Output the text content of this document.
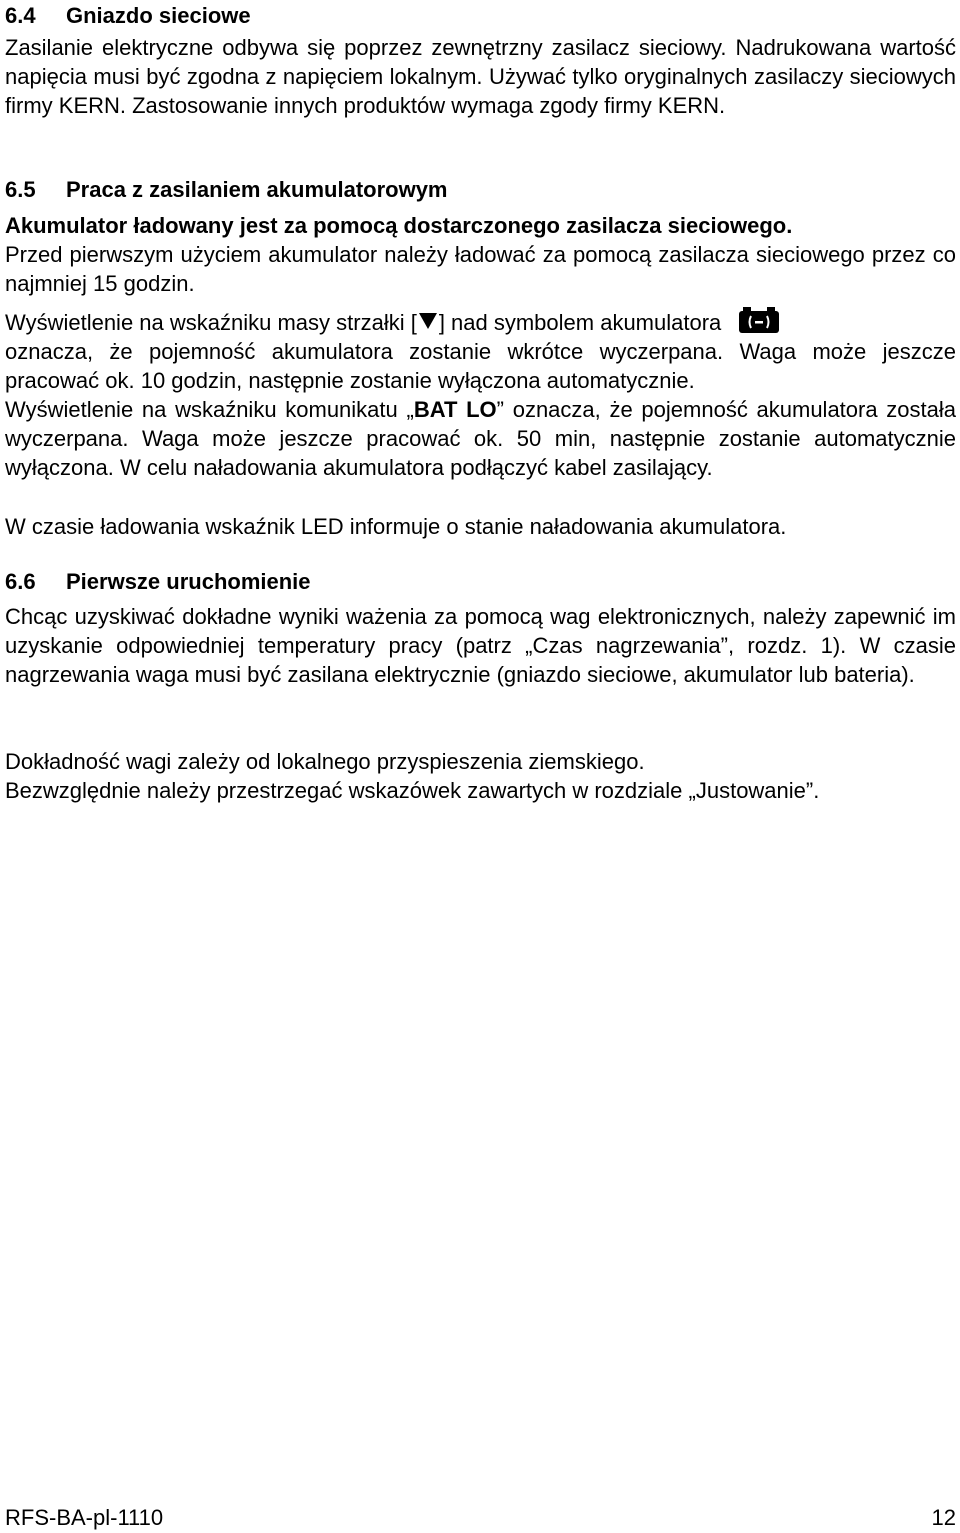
6.4 Gniazdo sieciowe

Zasilanie elektryczne odbywa się poprzez zewnętrzny zasilacz sieciowy. Nadrukowana wartość napięcia musi być zgodna z napięciem lokalnym. Używać tylko oryginalnych zasilaczy sieciowych firmy KERN. Zastosowanie innych produktów wymaga zgody firmy KERN.

6.5 Praca z zasilaniem akumulatorowym

Akumulator ładowany jest za pomocą dostarczonego zasilacza sieciowego.

Przed pierwszym użyciem akumulator należy ładować za pomocą zasilacza sieciowego przez co najmniej 15 godzin.

Wyświetlenie na wskaźniku masy strzałki [ ] nad symbolem akumulatora
oznacza, że pojemność akumulatora zostanie wkrótce wyczerpana. Waga może jeszcze pracować ok. 10 godzin, następnie zostanie wyłączona automatycznie.

Wyświetlenie na wskaźniku komunikatu „BAT LO” oznacza, że pojemność akumulatora została wyczerpana. Waga może jeszcze pracować ok. 50 min, następnie zostanie automatycznie wyłączona. W celu naładowania akumulatora podłączyć kabel zasilający.

W czasie ładowania wskaźnik LED informuje o stanie naładowania akumulatora.

6.6 Pierwsze uruchomienie

Chcąc uzyskiwać dokładne wyniki ważenia za pomocą wag elektronicznych, należy zapewnić im uzyskanie odpowiedniej temperatury pracy (patrz „Czas nagrzewania”, rozdz. 1). W czasie nagrzewania waga musi być zasilana elektrycznie (gniazdo sieciowe, akumulator lub bateria).

Dokładność wagi zależy od lokalnego przyspieszenia ziemskiego.

Bezwzględnie należy przestrzegać wskazówek zawartych w rozdziale „Justowanie”.

RFS-BA-pl-1110	12
